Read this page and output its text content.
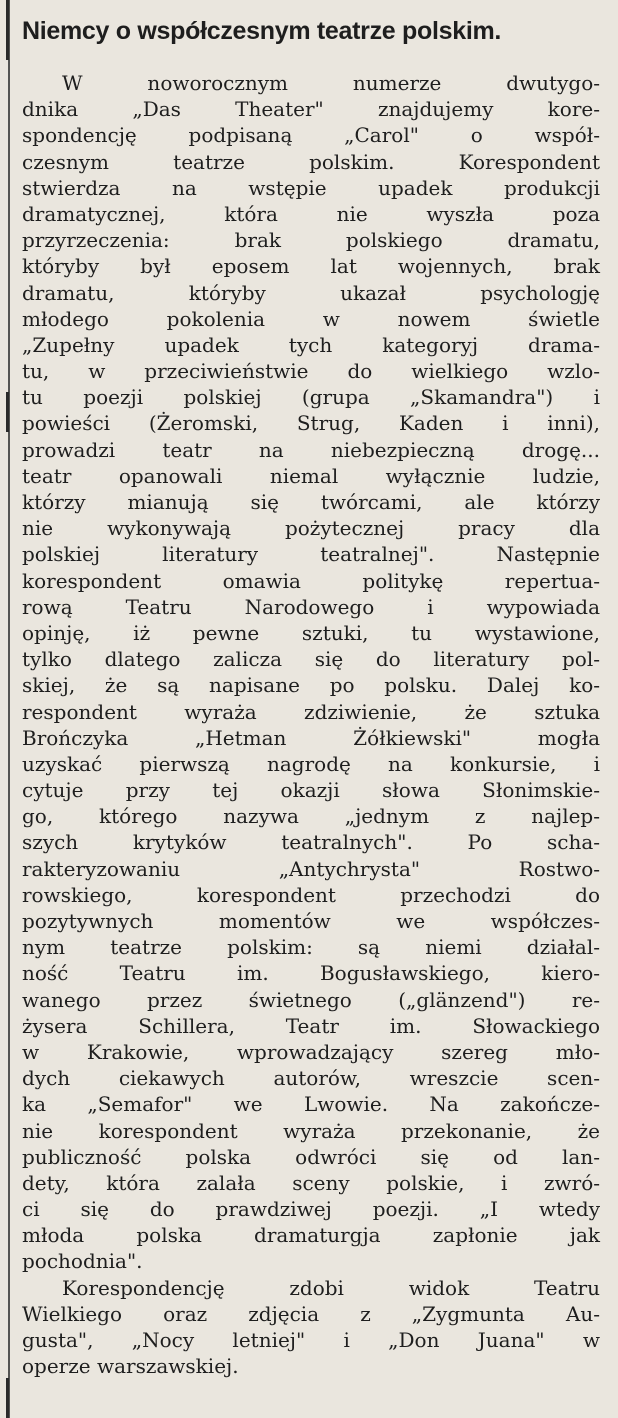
Niemcy o współczesnym teatrze polskim.
W noworocznym numerze dwutygo-
dnika „Das Theater" znajdujemy kore-
spondencję podpisaną „Carol" o współ-
czesnym teatrze polskim. Korespondent
stwierdza na wstępie upadek produkcji
dramatycznej, która nie wyszła poza
przyrzeczenia: brak polskiego dramatu,
któryby był eposem lat wojennych, brak
dramatu, któryby ukazał psychologję
młodego pokolenia w nowem świetle
„Zupełny upadek tych kategoryj drama-
tu, w przeciwieństwie do wielkiego wzlo-
tu poezji polskiej (grupa „Skamandra") i
powieści (Żeromski, Strug, Kaden i inni),
prowadzi teatr na niebezpieczną drogę...
teatr opanowali niemal wyłącznie ludzie,
którzy mianują się twórcami, ale którzy
nie wykonywają pożytecznej pracy dla
polskiej literatury teatralnej". Następnie
korespondent omawia politykę repertua-
rową Teatru Narodowego i wypowiada
opinję, iż pewne sztuki, tu wystawione,
tylko dlatego zalicza się do literatury pol-
skiej, że są napisane po polsku. Dalej ko-
respondent wyraża zdziwienie, że sztuka
Brończyka „Hetman Żółkiewski" mogła
uzyskać pierwszą nagrodę na konkursie, i
cytuje przy tej okazji słowa Słonimskie-
go, którego nazywa „jednym z najlep-
szych krytyków teatralnych". Po scha-
rakteryzowaniu „Antychrysta" Rostwo-
rowskiego, korespondent przechodzi do
pozytywnych momentów we współczes-
nym teatrze polskim: są niemi działal-
ność Teatru im. Bogusławskiego, kiero-
wanego przez świetnego („glänzend") re-
żysera Schillera, Teatr im. Słowackiego
w Krakowie, wprowadzający szereg mło-
dych ciekawych autorów, wreszcie scen-
ka „Semafor" we Lwowie. Na zakończe-
nie korespondent wyraża przekonanie, że
publiczność polska odwróci się od lan-
dety, która zalała sceny polskie, i zwró-
ci się do prawdziwej poezji. „I wtedy
młoda polska dramaturgja zapłonie jak
pochodnia".
Korespondencję zdobi widok Teatru
Wielkiego oraz zdjęcia z „Zygmunta Au-
gusta", „Nocy letniej" i „Don Juana" w
operze warszawskiej.
